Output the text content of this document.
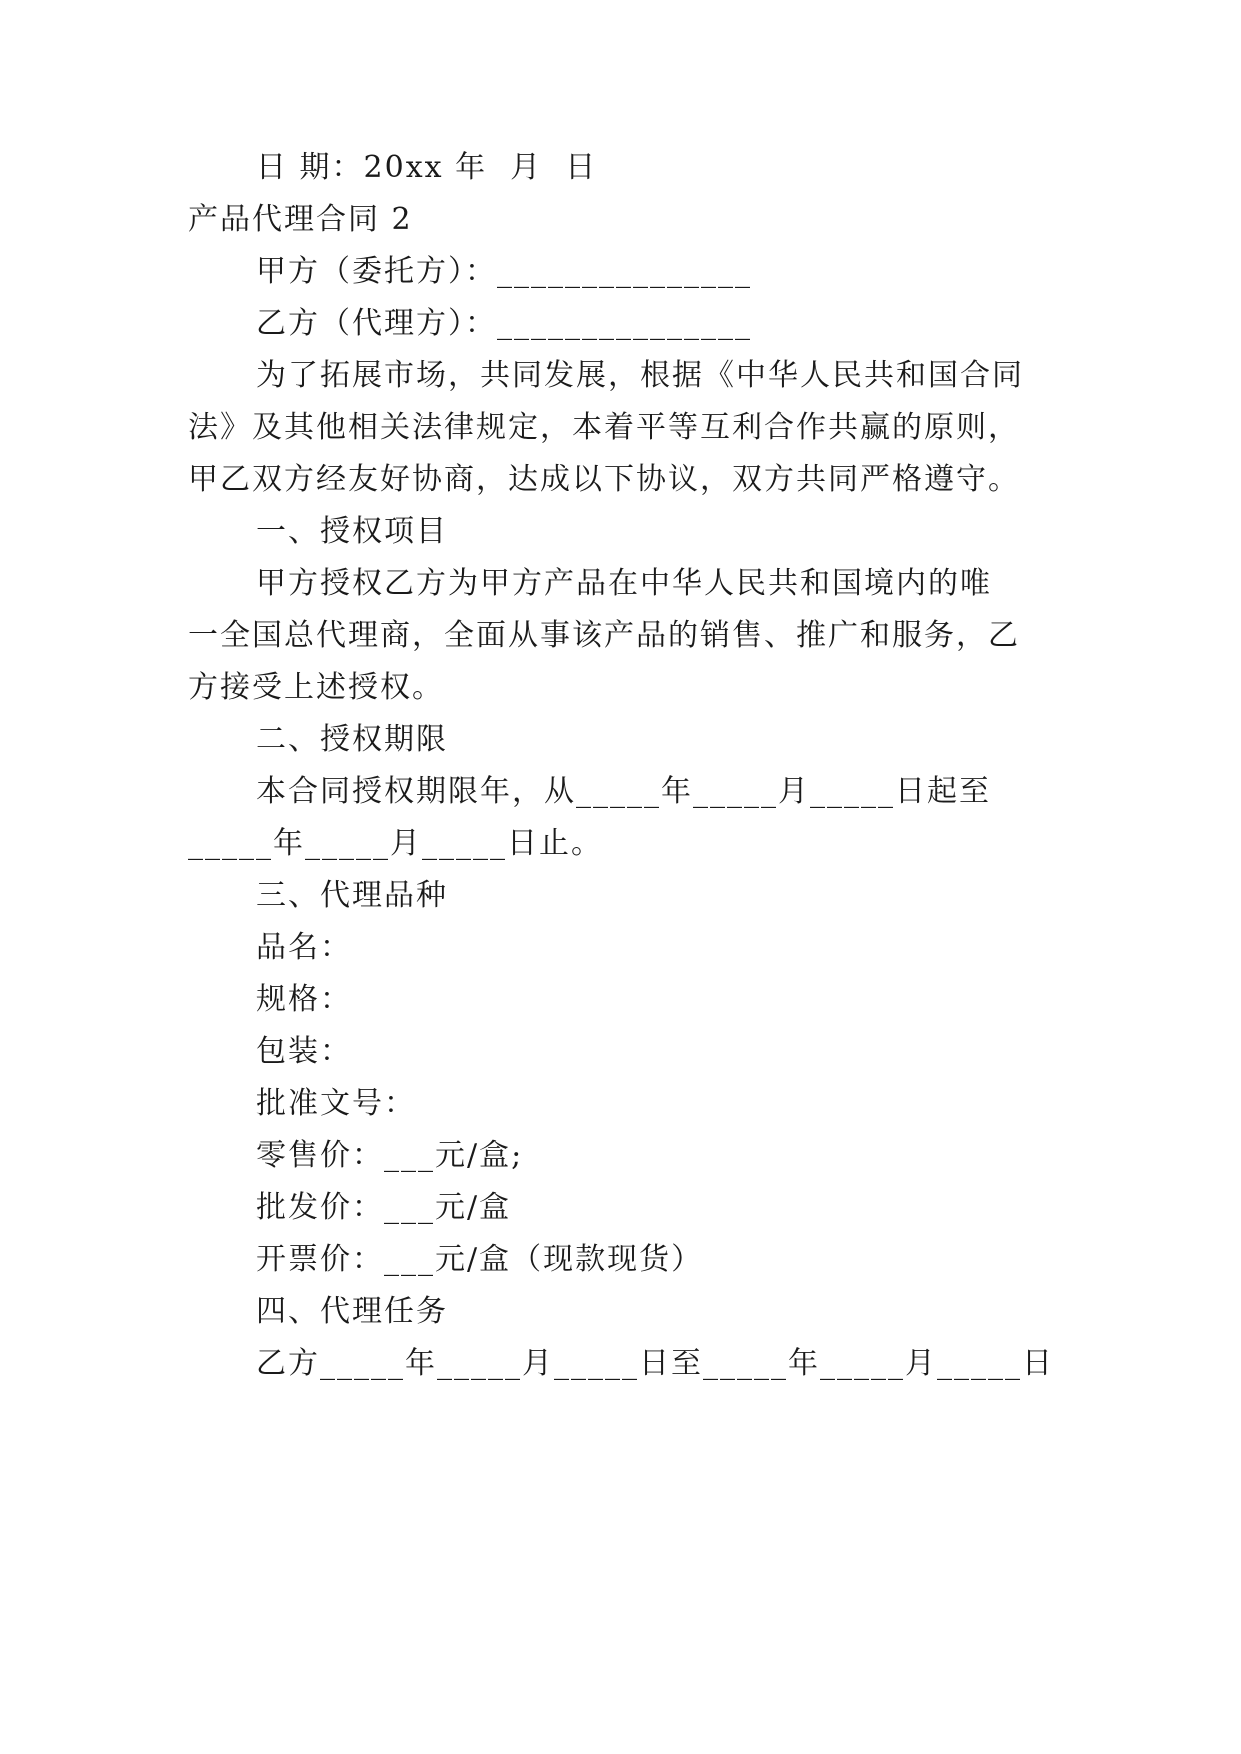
日 期：20xx 年  月  日
产品代理合同 2
甲方（委托方）：_______________
乙方（代理方）：_______________
为了拓展市场，共同发展，根据《中华人民共和国合同
法》及其他相关法律规定，本着平等互利合作共赢的原则，
甲乙双方经友好协商，达成以下协议，双方共同严格遵守。
一、授权项目
甲方授权乙方为甲方产品在中华人民共和国境内的唯
一全国总代理商，全面从事该产品的销售、推广和服务，乙
方接受上述授权。
二、授权期限
本合同授权期限年，从_____年_____月_____日起至
_____年_____月_____日止。
三、代理品种
品名：
规格：
包装：
批准文号：
零售价：___元/盒;
批发价：___元/盒
开票价：___元/盒（现款现货）
四、代理任务
乙方_____年_____月_____日至_____年_____月_____日
